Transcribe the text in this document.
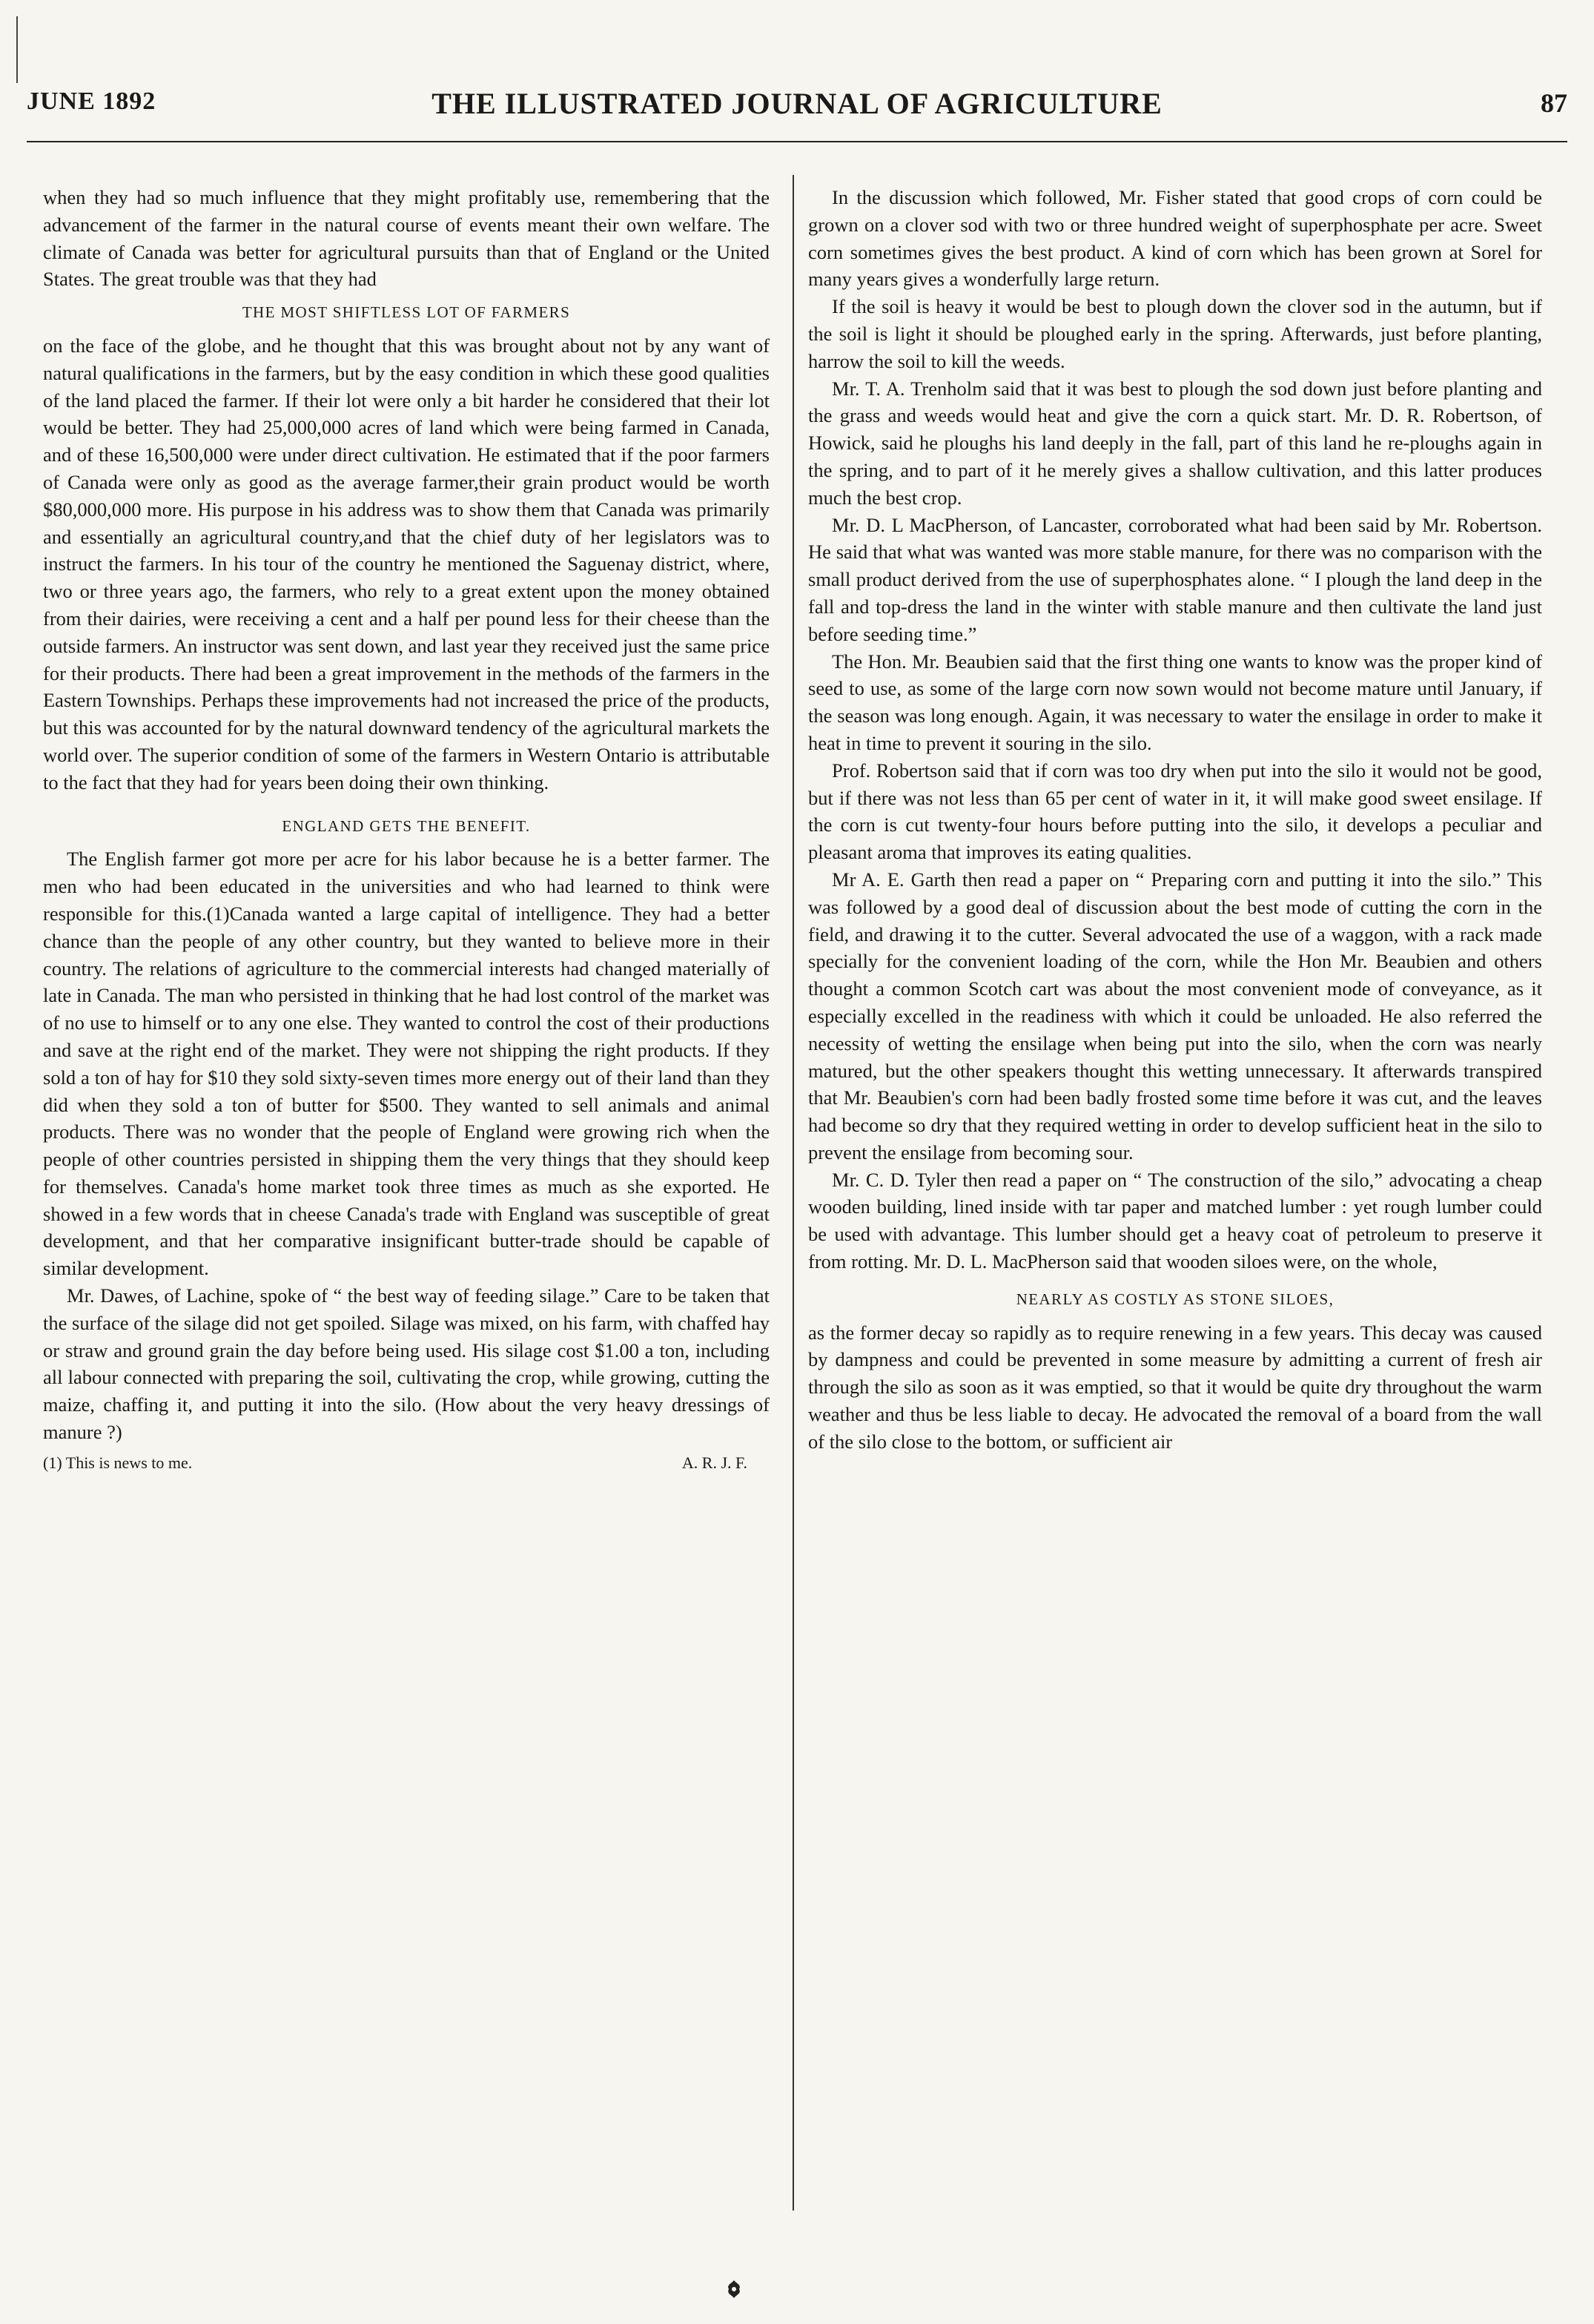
JUNE 1892	THE ILLUSTRATED JOURNAL OF AGRICULTURE	87

when they had so much influence that they might profitably use, remembering that the advancement of the farmer in the natural course of events meant their own welfare. The climate of Canada was better for agricultural pursuits than that of England or the United States. The great trouble was that they had

THE MOST SHIFTLESS LOT OF FARMERS

on the face of the globe, and he thought that this was brought about not by any want of natural qualifications in the farmers, but by the easy condition in which these good qualities of the land placed the farmer. If their lot were only a bit harder he considered that their lot would be better. They had 25,000,000 acres of land which were being farmed in Canada, and of these 16,500,000 were under direct cultivation. He estimated that if the poor farmers of Canada were only as good as the average farmer,their grain product would be worth $80,000,000 more. His purpose in his address was to show them that Canada was primarily and essentially an agricultural country,and that the chief duty of her legislators was to instruct the farmers. In his tour of the country he mentioned the Saguenay district, where, two or three years ago, the farmers, who rely to a great extent upon the money obtained from their dairies, were receiving a cent and a half per pound less for their cheese than the outside farmers. An instructor was sent down, and last year they received just the same price for their products. There had been a great improvement in the methods of the farmers in the Eastern Townships. Perhaps these improvements had not increased the price of the products, but this was accounted for by the natural downward tendency of the agricultural markets the world over. The superior condition of some of the farmers in Western Ontario is attributable to the fact that they had for years been doing their own thinking.

ENGLAND GETS THE BENEFIT.

The English farmer got more per acre for his labor because he is a better farmer. The men who had been educated in the universities and who had learned to think were responsible for this.(1)Canada wanted a large capital of intelligence. They had a better chance than the people of any other country, but they wanted to believe more in their country. The relations of agriculture to the commercial interests had changed materially of late in Canada. The man who persisted in thinking that he had lost control of the market was of no use to himself or to any one else. They wanted to control the cost of their productions and save at the right end of the market. They were not shipping the right products. If they sold a ton of hay for $10 they sold sixty-seven times more energy out of their land than they did when they sold a ton of butter for $500. They wanted to sell animals and animal products. There was no wonder that the people of England were growing rich when the people of other countries persisted in shipping them the very things that they should keep for themselves. Canada's home market took three times as much as she exported. He showed in a few words that in cheese Canada's trade with England was susceptible of great development, and that her comparative insignificant butter-trade should be capable of similar development.

Mr. Dawes, of Lachine, spoke of “ the best way of feeding silage.” Care to be taken that the surface of the silage did not get spoiled. Silage was mixed, on his farm, with chaffed hay or straw and ground grain the day before being used. His silage cost $1.00 a ton, including all labour connected with preparing the soil, cultivating the crop, while growing, cutting the maize, chaffing it, and putting it into the silo. (How about the very heavy dressings of manure ?)

(1) This is news to me.	A. R. J. F.

In the discussion which followed, Mr. Fisher stated that good crops of corn could be grown on a clover sod with two or three hundred weight of superphosphate per acre. Sweet corn sometimes gives the best product. A kind of corn which has been grown at Sorel for many years gives a wonderfully large return.

If the soil is heavy it would be best to plough down the clover sod in the autumn, but if the soil is light it should be ploughed early in the spring. Afterwards, just before planting, harrow the soil to kill the weeds.

Mr. T. A. Trenholm said that it was best to plough the sod down just before planting and the grass and weeds would heat and give the corn a quick start. Mr. D. R. Robertson, of Howick, said he ploughs his land deeply in the fall, part of this land he re-ploughs again in the spring, and to part of it he merely gives a shallow cultivation, and this latter produces much the best crop.

Mr. D. L MacPherson, of Lancaster, corroborated what had been said by Mr. Robertson. He said that what was wanted was more stable manure, for there was no comparison with the small product derived from the use of superphosphates alone. “ I plough the land deep in the fall and top-dress the land in the winter with stable manure and then cultivate the land just before seeding time.”

The Hon. Mr. Beaubien said that the first thing one wants to know was the proper kind of seed to use, as some of the large corn now sown would not become mature until January, if the season was long enough. Again, it was necessary to water the ensilage in order to make it heat in time to prevent it souring in the silo.

Prof. Robertson said that if corn was too dry when put into the silo it would not be good, but if there was not less than 65 per cent of water in it, it will make good sweet ensilage. If the corn is cut twenty-four hours before putting into the silo, it develops a peculiar and pleasant aroma that improves its eating qualities.

Mr A. E. Garth then read a paper on “ Preparing corn and putting it into the silo.” This was followed by a good deal of discussion about the best mode of cutting the corn in the field, and drawing it to the cutter. Several advocated the use of a waggon, with a rack made specially for the convenient loading of the corn, while the Hon Mr. Beaubien and others thought a common Scotch cart was about the most convenient mode of conveyance, as it especially excelled in the readiness with which it could be unloaded. He also referred the necessity of wetting the ensilage when being put into the silo, when the corn was nearly matured, but the other speakers thought this wetting unnecessary. It afterwards transpired that Mr. Beaubien's corn had been badly frosted some time before it was cut, and the leaves had become so dry that they required wetting in order to develop sufficient heat in the silo to prevent the ensilage from becoming sour.

Mr. C. D. Tyler then read a paper on “ The construction of the silo,” advocating a cheap wooden building, lined inside with tar paper and matched lumber : yet rough lumber could be used with advantage. This lumber should get a heavy coat of petroleum to preserve it from rotting. Mr. D. L. MacPherson said that wooden siloes were, on the whole,

NEARLY AS COSTLY AS STONE SILOES,

as the former decay so rapidly as to require renewing in a few years. This decay was caused by dampness and could be prevented in some measure by admitting a current of fresh air through the silo as soon as it was emptied, so that it would be quite dry throughout the warm weather and thus be less liable to decay. He advocated the removal of a board from the wall of the silo close to the bottom, or sufficient air
